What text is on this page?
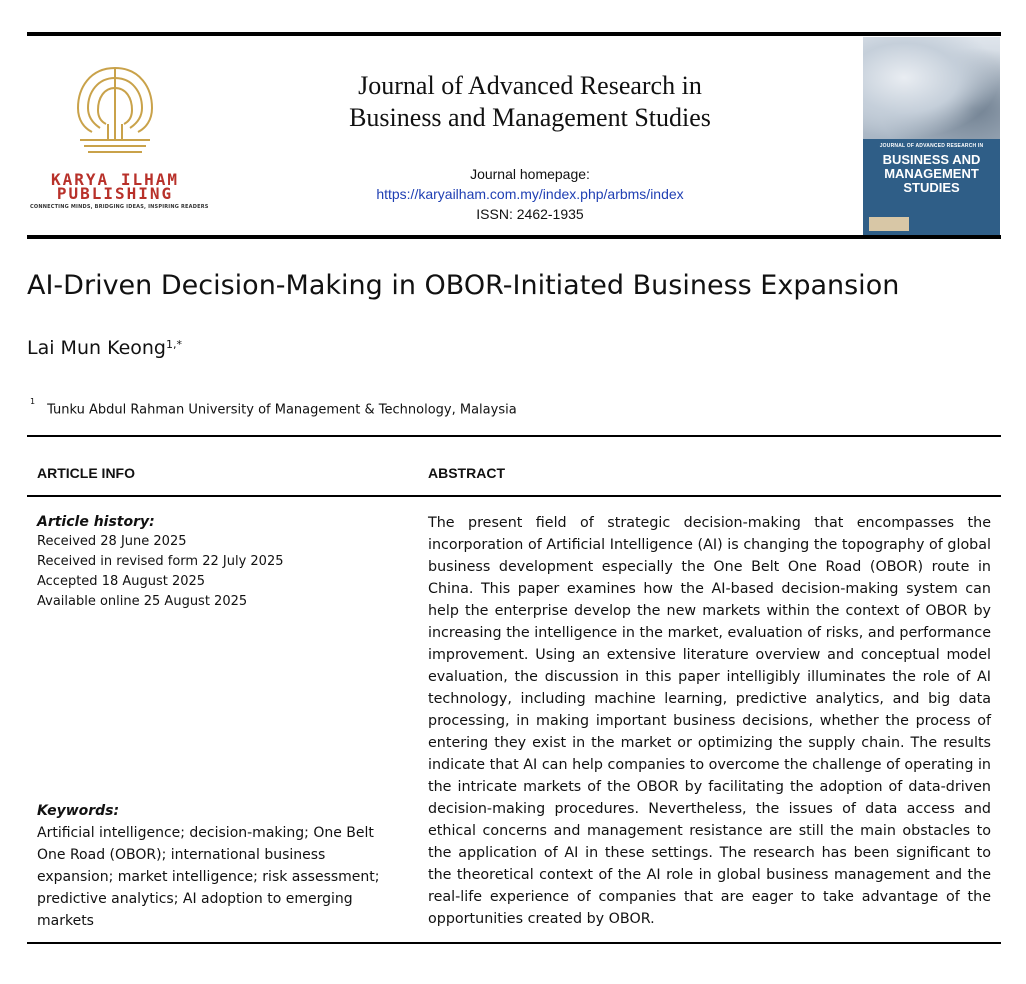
KARYA ILHAM
PUBLISHING
CONNECTING MINDS, BRIDGING IDEAS, INSPIRING READERS
Journal of Advanced Research in
Business and Management Studies
Journal homepage:
https://karyailham.com.my/index.php/arbms/index
ISSN: 2462-1935
JOURNAL OF ADVANCED RESEARCH IN
BUSINESS AND
MANAGEMENT
STUDIES
AI-Driven Decision-Making in OBOR-Initiated Business Expansion
Lai Mun Keong$^{1,*}$
$^1$Tunku Abdul Rahman University of Management & Technology, Malaysia
ARTICLE INFO	ABSTRACT
Article history:
Received 28 June 2025
Received in revised form 22 July 2025
Accepted 18 August 2025
Available online 25 August 2025
Keywords:
Artificial intelligence; decision-making; One Belt One Road (OBOR); international business expansion; market intelligence; risk assessment; predictive analytics; AI adoption to emerging markets

The present field of strategic decision-making that encompasses the incorporation of Artificial Intelligence (AI) is changing the topography of global business development especially the One Belt One Road (OBOR) route in China. This paper examines how the AI-based decision-making system can help the enterprise develop the new markets within the context of OBOR by increasing the intelligence in the market, evaluation of risks, and performance improvement. Using an extensive literature overview and conceptual model evaluation, the discussion in this paper intelligibly illuminates the role of AI technology, including machine learning, predictive analytics, and big data processing, in making important business decisions, whether the process of entering they exist in the market or optimizing the supply chain. The results indicate that AI can help companies to overcome the challenge of operating in the intricate markets of the OBOR by facilitating the adoption of data-driven decision-making procedures. Nevertheless, the issues of data access and ethical concerns and management resistance are still the main obstacles to the application of AI in these settings. The research has been significant to the theoretical context of the AI role in global business management and the real-life experience of companies that are eager to take advantage of the opportunities created by OBOR.
